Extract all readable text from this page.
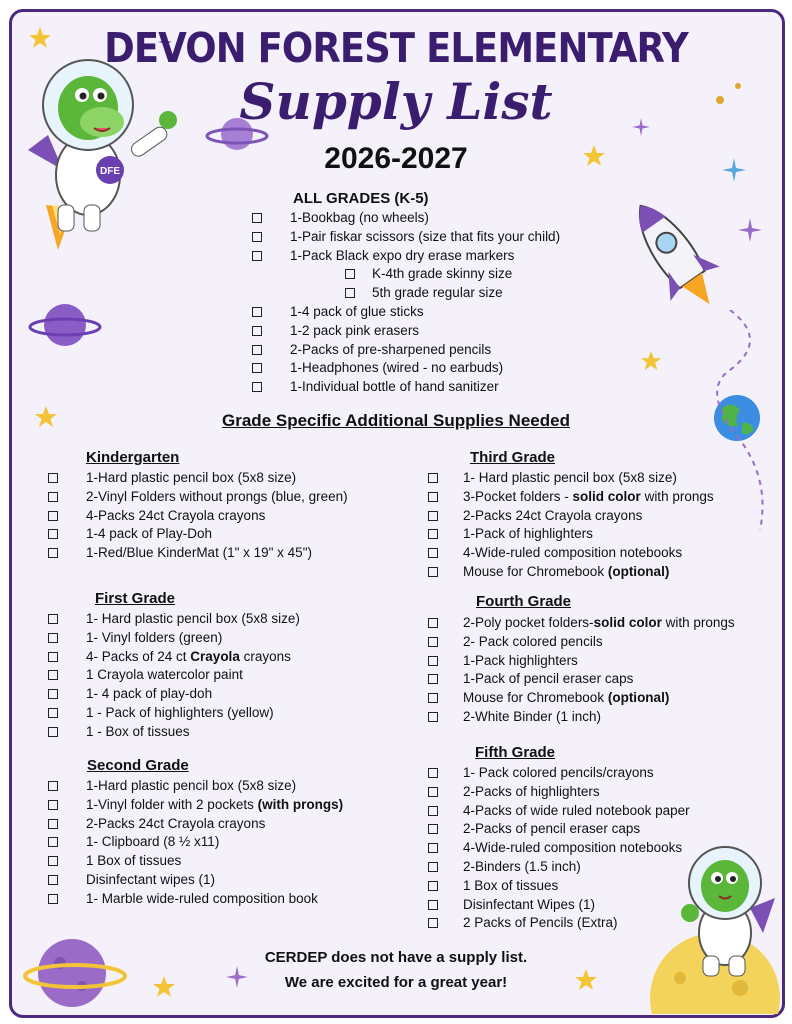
DFE
DEVON FOREST ELEMENTARY
Supply List
2026-2027
ALL GRADES (K-5)
1-Bookbag (no wheels)
1-Pair fiskar scissors (size that fits your child)
1-Pack Black expo dry erase markers
K-4th grade skinny size
5th grade regular size
1-4 pack of glue sticks
1-2 pack pink erasers
2-Packs of pre-sharpened pencils
1-Headphones (wired - no earbuds)
1-Individual bottle of hand sanitizer
Grade Specific Additional Supplies Needed
Kindergarten
1-Hard plastic pencil box (5x8 size)
2-Vinyl Folders without prongs (blue, green)
4-Packs 24ct Crayola crayons
1-4 pack of Play-Doh
1-Red/Blue KinderMat (1" x 19" x 45")
First Grade
1- Hard plastic pencil box (5x8 size)
1- Vinyl folders (green)
4- Packs of 24 ct Crayola crayons
1 Crayola watercolor paint
1- 4 pack of play-doh
1 - Pack of highlighters (yellow)
1 - Box of tissues
Second Grade
1-Hard plastic pencil box (5x8 size)
1-Vinyl folder with 2 pockets (with prongs)
2-Packs 24ct Crayola crayons
1- Clipboard (8 ½ x11)
1 Box of tissues
Disinfectant wipes (1)
1- Marble wide-ruled composition book
Third Grade
1- Hard plastic pencil box (5x8 size)
3-Pocket folders - solid color with prongs
2-Packs 24ct Crayola crayons
1-Pack of highlighters
4-Wide-ruled composition notebooks
Mouse for Chromebook (optional)
Fourth Grade
2-Poly pocket folders-solid color with prongs
2- Pack colored pencils
1-Pack highlighters
1-Pack of pencil eraser caps
Mouse for Chromebook (optional)
2-White Binder (1 inch)
Fifth Grade
1- Pack colored pencils/crayons
2-Packs of highlighters
4-Packs of wide ruled notebook paper
2-Packs of pencil eraser caps
4-Wide-ruled composition notebooks
2-Binders (1.5 inch)
1 Box of tissues
Disinfectant Wipes (1)
2 Packs of Pencils (Extra)
CERDEP does not have a supply list.
We are excited for a great year!
